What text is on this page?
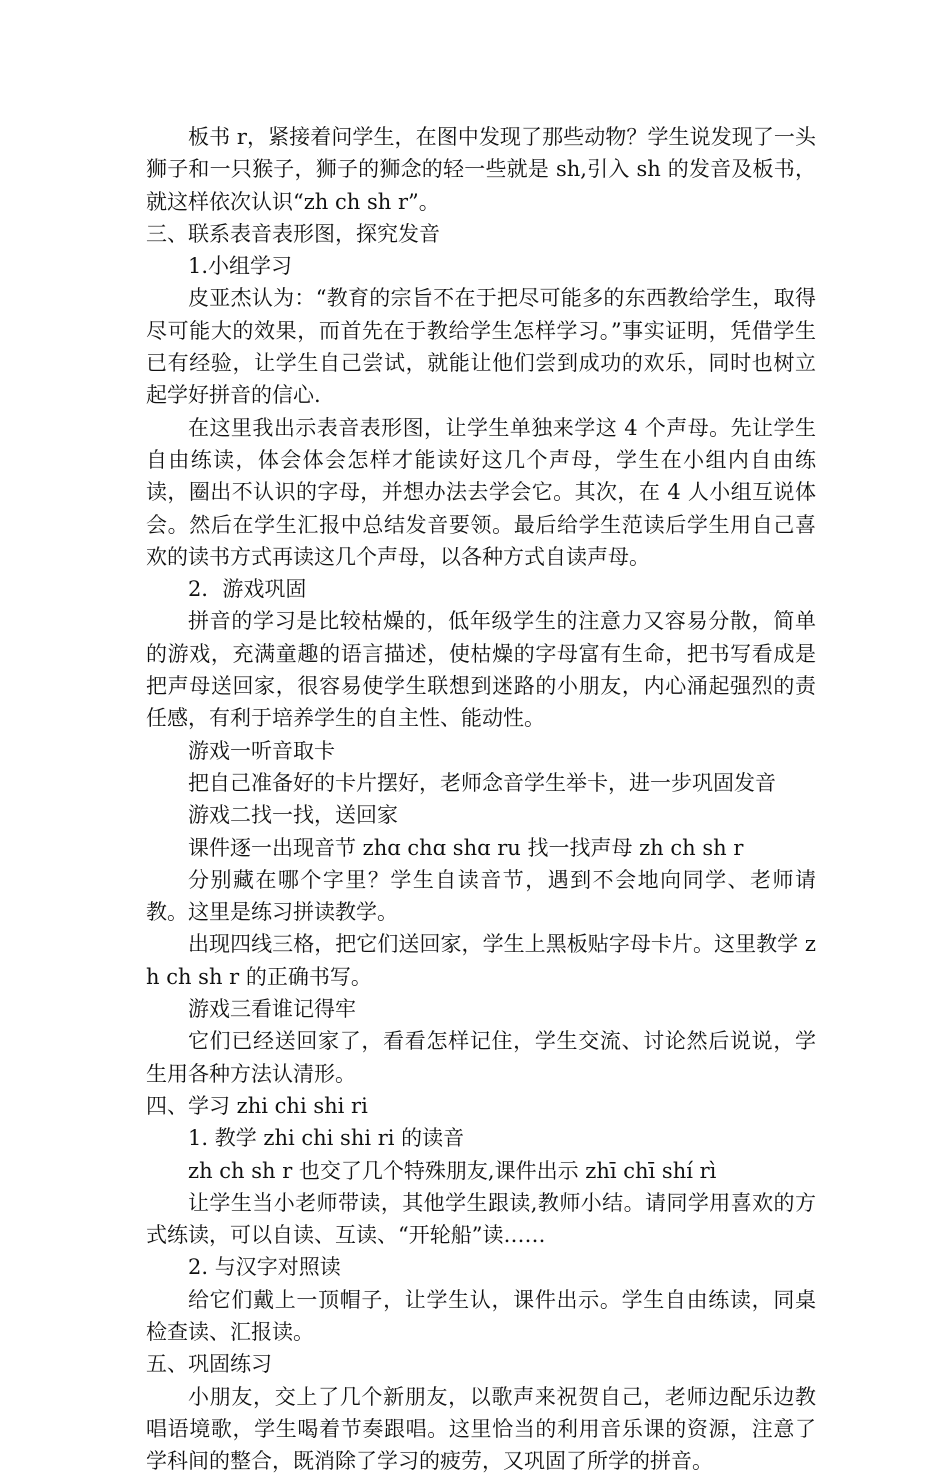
板书 r，紧接着问学生，在图中发现了那些动物？学生说发现了一头狮子和一只猴子，狮子的狮念的轻一些就是 sh,引入 sh 的发音及板书，就这样依次认识“zh ch sh r”。

三、联系表音表形图，探究发音

1.小组学习

皮亚杰认为：“教育的宗旨不在于把尽可能多的东西教给学生，取得尽可能大的效果，而首先在于教给学生怎样学习。”事实证明，凭借学生已有经验，让学生自己尝试，就能让他们尝到成功的欢乐，同时也树立起学好拼音的信心.

在这里我出示表音表形图，让学生单独来学这 4 个声母。先让学生自由练读，体会体会怎样才能读好这几个声母，学生在小组内自由练读，圈出不认识的字母，并想办法去学会它。其次，在 4 人小组互说体会。然后在学生汇报中总结发音要领。最后给学生范读后学生用自己喜欢的读书方式再读这几个声母，以各种方式自读声母。

2．游戏巩固

拼音的学习是比较枯燥的，低年级学生的注意力又容易分散，简单的游戏，充满童趣的语言描述，使枯燥的字母富有生命，把书写看成是把声母送回家，很容易使学生联想到迷路的小朋友，内心涌起强烈的责任感，有利于培养学生的自主性、能动性。

游戏一听音取卡

把自己准备好的卡片摆好，老师念音学生举卡，进一步巩固发音

游戏二找一找，送回家

课件逐一出现音节 zhɑ chɑ shɑ ru 找一找声母 zh ch sh r

分别藏在哪个字里？学生自读音节，遇到不会地向同学、老师请教。这里是练习拼读教学。

出现四线三格，把它们送回家，学生上黑板贴字母卡片。这里教学 zh ch sh r 的正确书写。

游戏三看谁记得牢

它们已经送回家了，看看怎样记住，学生交流、讨论然后说说，学生用各种方法认清形。

四、学习 zhi chi shi ri

1. 教学 zhi chi shi ri 的读音

zh ch sh r 也交了几个特殊朋友,课件出示 zhī chī shí rì

让学生当小老师带读，其他学生跟读,教师小结。请同学用喜欢的方式练读，可以自读、互读、“开轮船”读……

2. 与汉字对照读

给它们戴上一顶帽子，让学生认，课件出示。学生自由练读，同桌检查读、汇报读。

五、巩固练习

小朋友，交上了几个新朋友，以歌声来祝贺自己，老师边配乐边教唱语境歌，学生喝着节奏跟唱。这里恰当的利用音乐课的资源，注意了学科间的整合，既消除了学习的疲劳，又巩固了所学的拼音。
